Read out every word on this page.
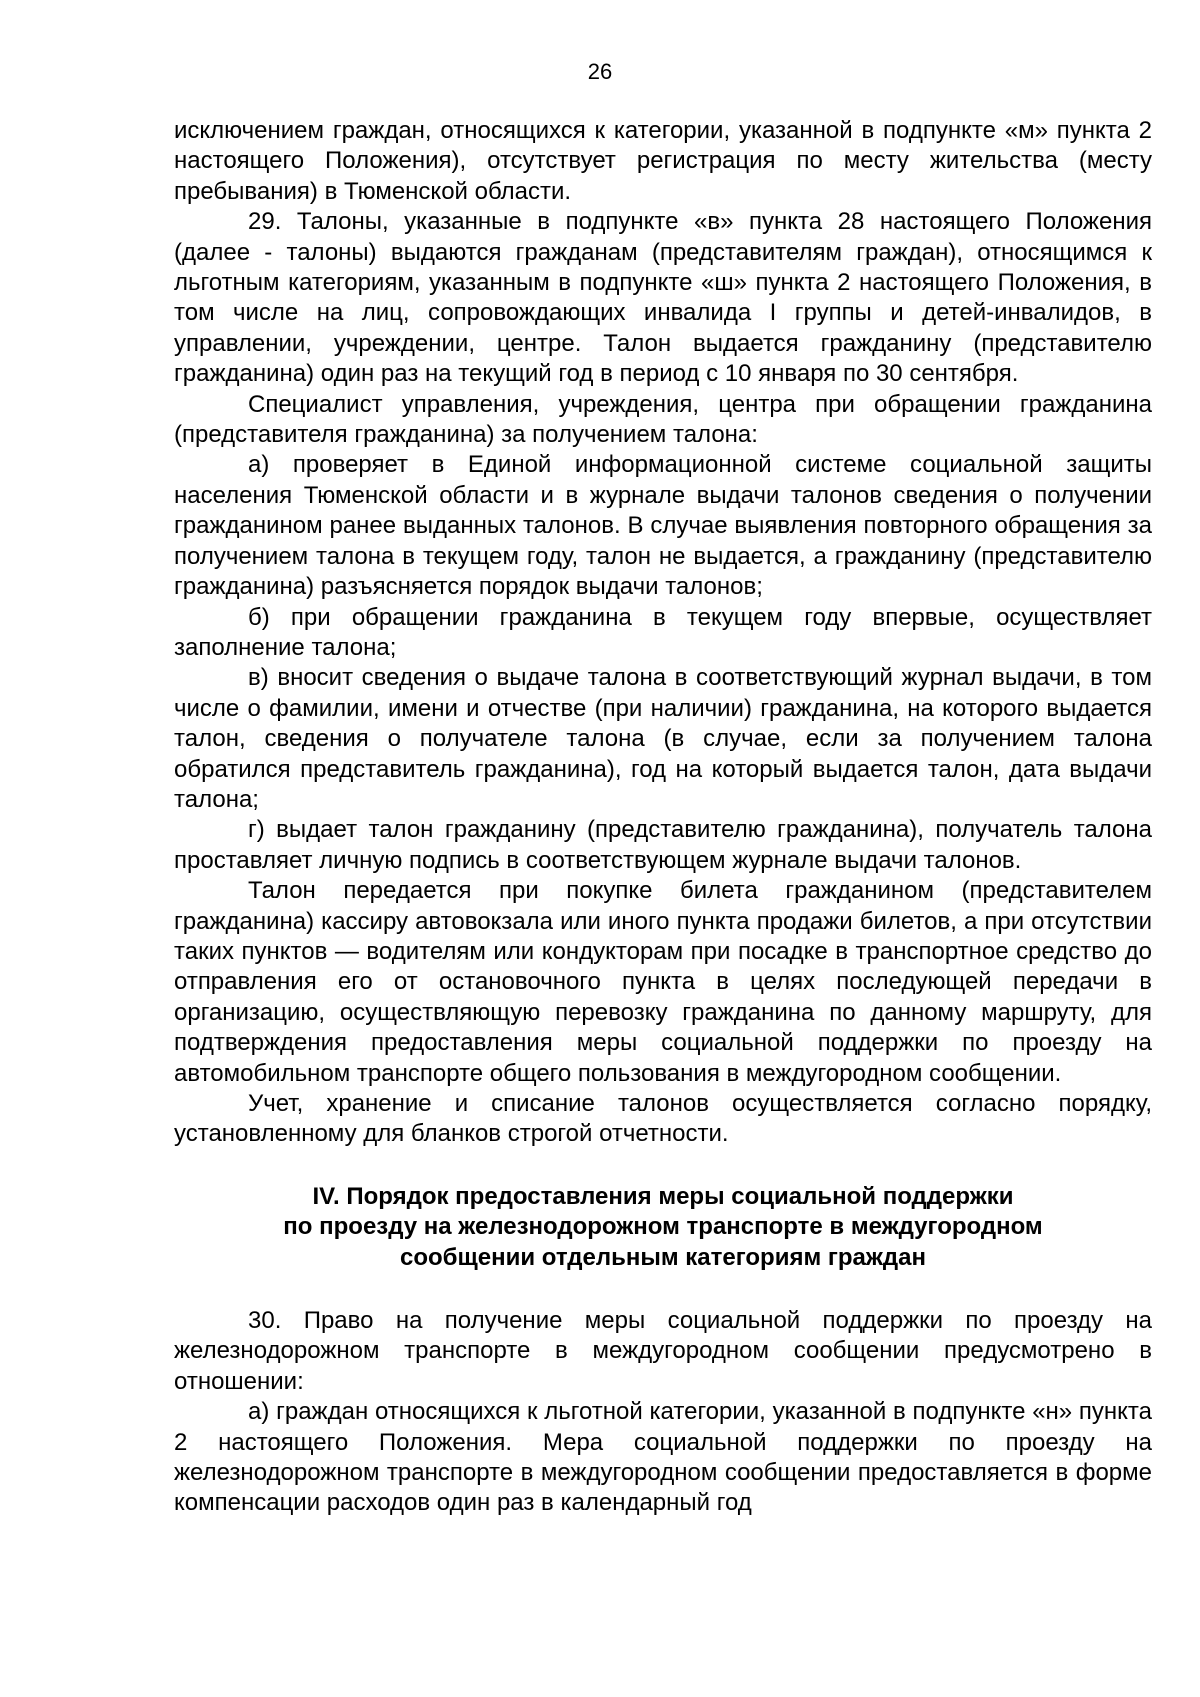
26

исключением граждан, относящихся к категории, указанной в подпункте «м» пункта 2 настоящего Положения), отсутствует регистрация по месту жительства (месту пребывания) в Тюменской области.

29. Талоны, указанные в подпункте «в» пункта 28 настоящего Положения (далее - талоны) выдаются гражданам (представителям граждан), относящимся к льготным категориям, указанным в подпункте «ш» пункта 2 настоящего Положения, в том числе на лиц, сопровождающих инвалида I группы и детей-инвалидов, в управлении, учреждении, центре. Талон выдается гражданину (представителю гражданина) один раз на текущий год в период с 10 января по 30 сентября.

Специалист управления, учреждения, центра при обращении гражданина (представителя гражданина) за получением талона:

а) проверяет в Единой информационной системе социальной защиты населения Тюменской области и в журнале выдачи талонов сведения о получении гражданином ранее выданных талонов. В случае выявления повторного обращения за получением талона в текущем году, талон не выдается, а гражданину (представителю гражданина) разъясняется порядок выдачи талонов;

б) при обращении гражданина в текущем году впервые, осуществляет заполнение талона;

в) вносит сведения о выдаче талона в соответствующий журнал выдачи, в том числе о фамилии, имени и отчестве (при наличии) гражданина, на которого выдается талон, сведения о получателе талона (в случае, если за получением талона обратился представитель гражданина), год на который выдается талон, дата выдачи талона;

г) выдает талон гражданину (представителю гражданина), получатель талона проставляет личную подпись в соответствующем журнале выдачи талонов.

Талон передается при покупке билета гражданином (представителем гражданина) кассиру автовокзала или иного пункта продажи билетов, а при отсутствии таких пунктов — водителям или кондукторам при посадке в транспортное средство до отправления его от остановочного пункта в целях последующей передачи в организацию, осуществляющую перевозку гражданина по данному маршруту, для подтверждения предоставления меры социальной поддержки по проезду на автомобильном транспорте общего пользования в междугородном сообщении.

Учет, хранение и списание талонов осуществляется согласно порядку, установленному для бланков строгой отчетности.

IV. Порядок предоставления меры социальной поддержки
по проезду на железнодорожном транспорте в междугородном
сообщении отдельным категориям граждан

30. Право на получение меры социальной поддержки по проезду на железнодорожном транспорте в междугородном сообщении предусмотрено в отношении:

а) граждан относящихся к льготной категории, указанной в подпункте «н» пункта 2 настоящего Положения. Мера социальной поддержки по проезду на железнодорожном транспорте в междугородном сообщении предоставляется в форме компенсации расходов один раз в календарный год
